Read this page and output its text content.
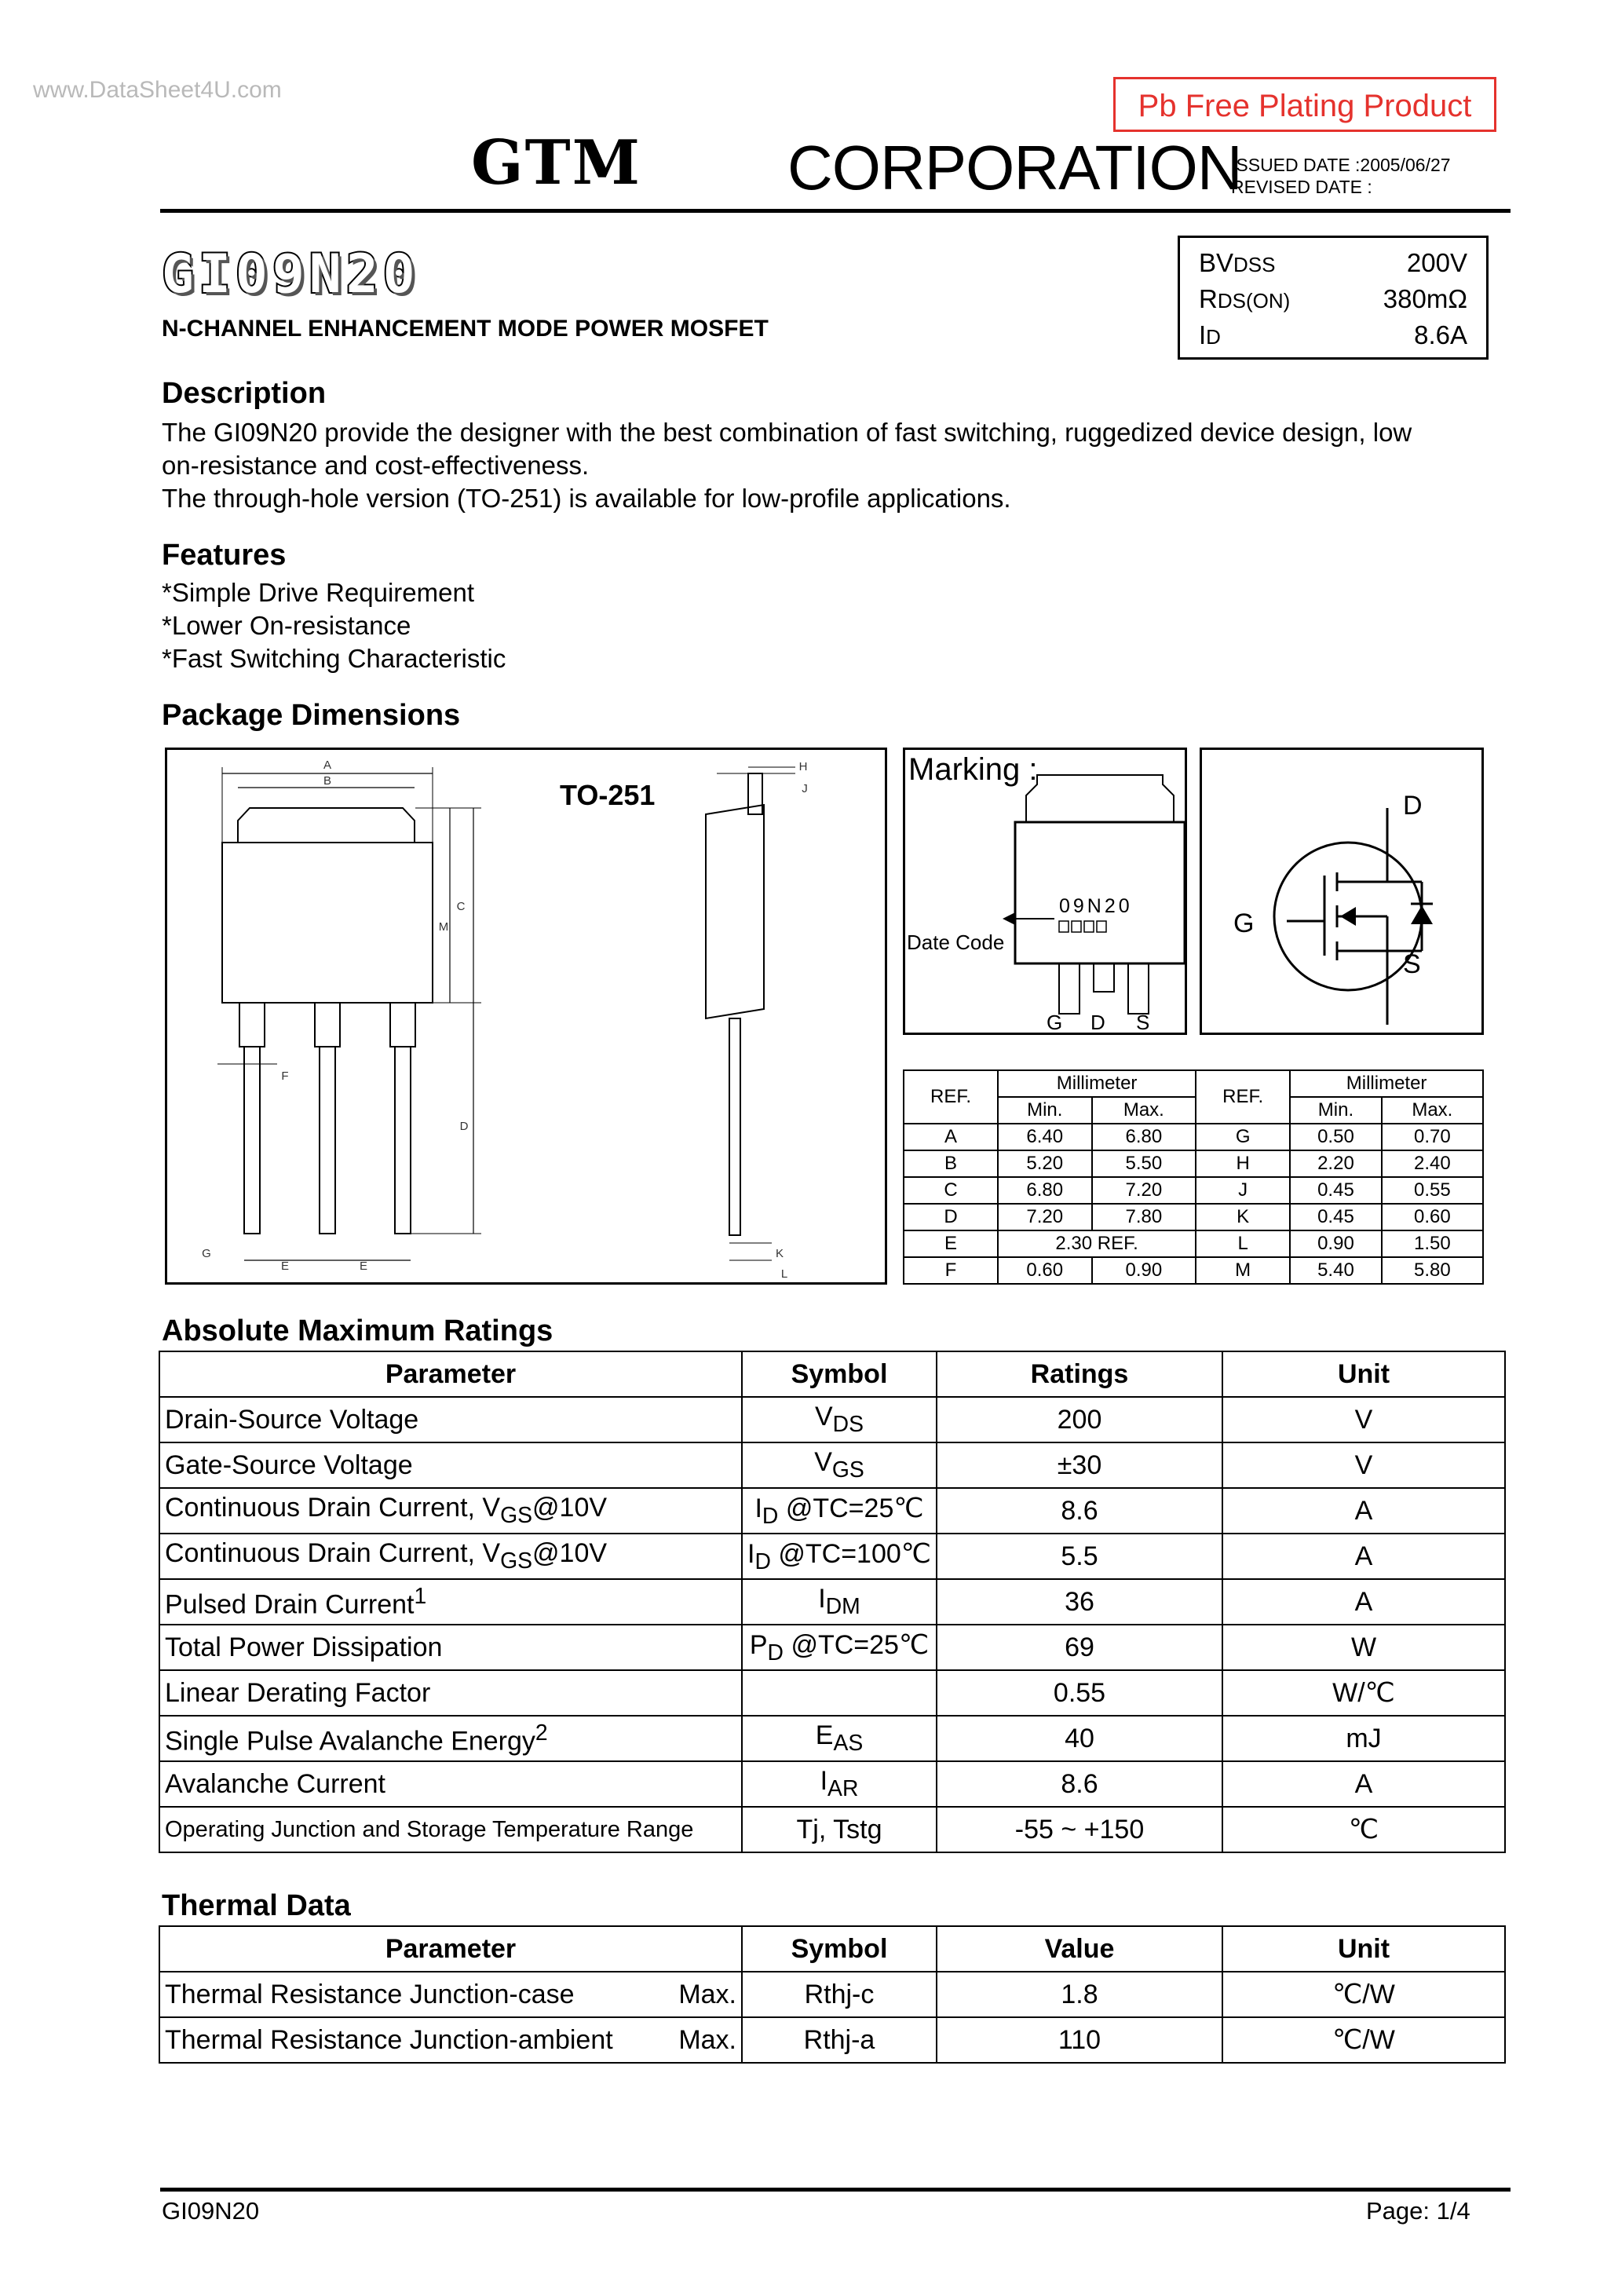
www.DataSheet4U.com	Pb Free Plating Product
GTM CORPORATION
ISSUED DATE :2005/06/27
REVISED DATE :
GI09N20
N-CHANNEL ENHANCEMENT MODE POWER MOSFET
BVDSS	200V
RDS(ON)	380mΩ
ID	8.6A
Description
The GI09N20 provide the designer with the best combination of fast switching, ruggedized device design, low
on-resistance and cost-effectiveness.
The through-hole version (TO-251) is available for low-profile applications.
Features
*Simple Drive Requirement
*Lower On-resistance
*Fast Switching Characteristic
Package Dimensions
A
B
C
M
D
F
G
E	E
H
J
K
L
TO-251
Marking :
09N20
Date Code
G D S
D
G
S
REF.	Millimeter		REF.	Millimeter	
	Min.	Max.		Min.	Max.
A	6.40	6.80	G	0.50	0.70
B	5.20	5.50	H	2.20	2.40
C	6.80	7.20	J	0.45	0.55
D	7.20	7.80	K	0.45	0.60
E	2.30 REF.		L	0.90	1.50
F	0.60	0.90	M	5.40	5.80
Absolute Maximum Ratings
Parameter	Symbol	Ratings	Unit
Drain-Source Voltage	$V_{DS}$	200	V
Gate-Source Voltage	$V_{GS}$	±30	V
Continuous Drain Current, $V_{GS}@10V$	$I_D$ @TC=25℃	8.6	A
Continuous Drain Current, $V_{GS}@10V$	$I_D$ @TC=100℃	5.5	A
Pulsed Drain Current$^1$	$I_{DM}$	36	A
Total Power Dissipation	$P_D$ @TC=25℃	69	W
Linear Derating Factor		0.55	W/℃
Single Pulse Avalanche Energy$^2$	$E_{AS}$	40	mJ
Avalanche Current	$I_{AR}$	8.6	A
Operating Junction and Storage Temperature Range	Tj, Tstg	-55 ~ +150	℃
Thermal Data
Parameter	Symbol	Value	Unit

Thermal Resistance Junction-case Max.	Rthj-c	1.8	℃/W

Thermal Resistance Junction-ambient Max.	Rthj-a	110	℃/W
GI09N20	Page: 1/4
